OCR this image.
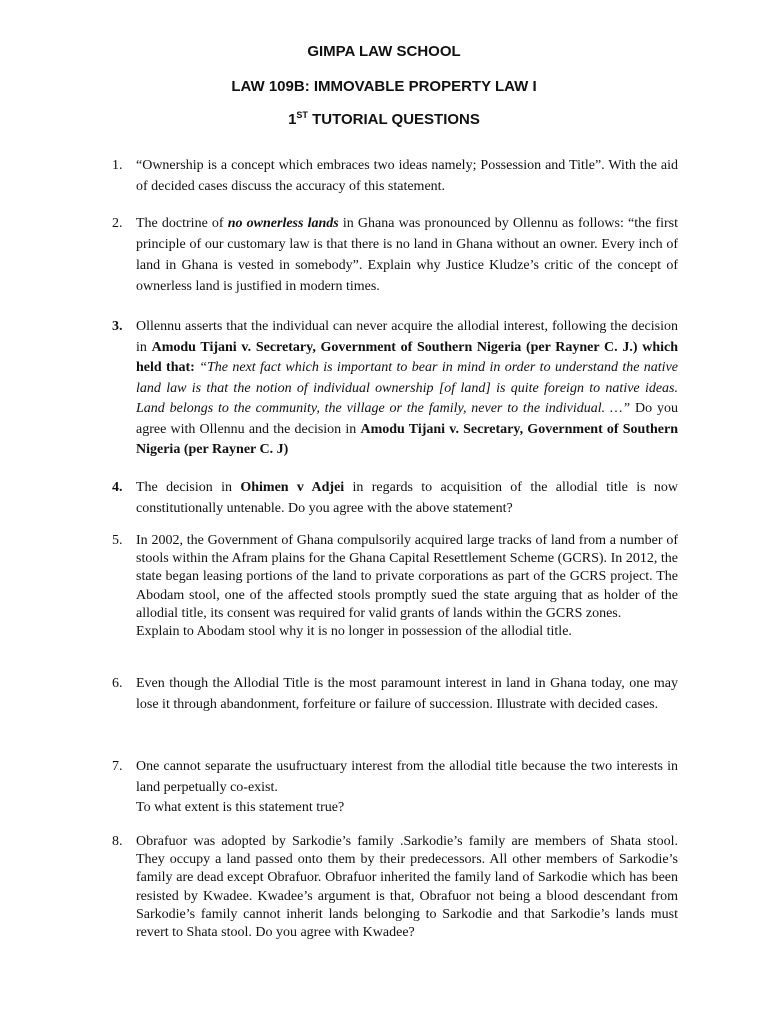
GIMPA LAW SCHOOL
LAW 109B: IMMOVABLE PROPERTY LAW I
1ST TUTORIAL QUESTIONS
1. “Ownership is a concept which embraces two ideas namely; Possession and Title”. With the aid of decided cases discuss the accuracy of this statement.

2. The doctrine of no ownerless lands in Ghana was pronounced by Ollennu as follows: “the first principle of our customary law is that there is no land in Ghana without an owner. Every inch of land in Ghana is vested in somebody”. Explain why Justice Kludze’s critic of the concept of ownerless land is justified in modern times.

3. Ollennu asserts that the individual can never acquire the allodial interest, following the decision in Amodu Tijani v. Secretary, Government of Southern Nigeria (per Rayner C. J.) which held that: “The next fact which is important to bear in mind in order to understand the native land law is that the notion of individual ownership [of land] is quite foreign to native ideas. Land belongs to the community, the village or the family, never to the individual. …” Do you agree with Ollennu and the decision in Amodu Tijani v. Secretary, Government of Southern Nigeria (per Rayner C. J)

4. The decision in Ohimen v Adjei in regards to acquisition of the allodial title is now constitutionally untenable. Do you agree with the above statement?

5. In 2002, the Government of Ghana compulsorily acquired large tracks of land from a number of stools within the Afram plains for the Ghana Capital Resettlement Scheme (GCRS). In 2012, the state began leasing portions of the land to private corporations as part of the GCRS project. The Abodam stool, one of the affected stools promptly sued the state arguing that as holder of the allodial title, its consent was required for valid grants of lands within the GCRS zones.

Explain to Abodam stool why it is no longer in possession of the allodial title.

6. Even though the Allodial Title is the most paramount interest in land in Ghana today, one may lose it through abandonment, forfeiture or failure of succession. Illustrate with decided cases.

7. One cannot separate the usufructuary interest from the allodial title because the two interests in land perpetually co-exist.

To what extent is this statement true?

8. Obrafuor was adopted by Sarkodie’s family .Sarkodie’s family are members of Shata stool. They occupy a land passed onto them by their predecessors. All other members of Sarkodie’s family are dead except Obrafuor. Obrafuor inherited the family land of Sarkodie which has been resisted by Kwadee. Kwadee’s argument is that, Obrafuor not being a blood descendant from Sarkodie’s family cannot inherit lands belonging to Sarkodie and that Sarkodie’s lands must revert to Shata stool. Do you agree with Kwadee?
